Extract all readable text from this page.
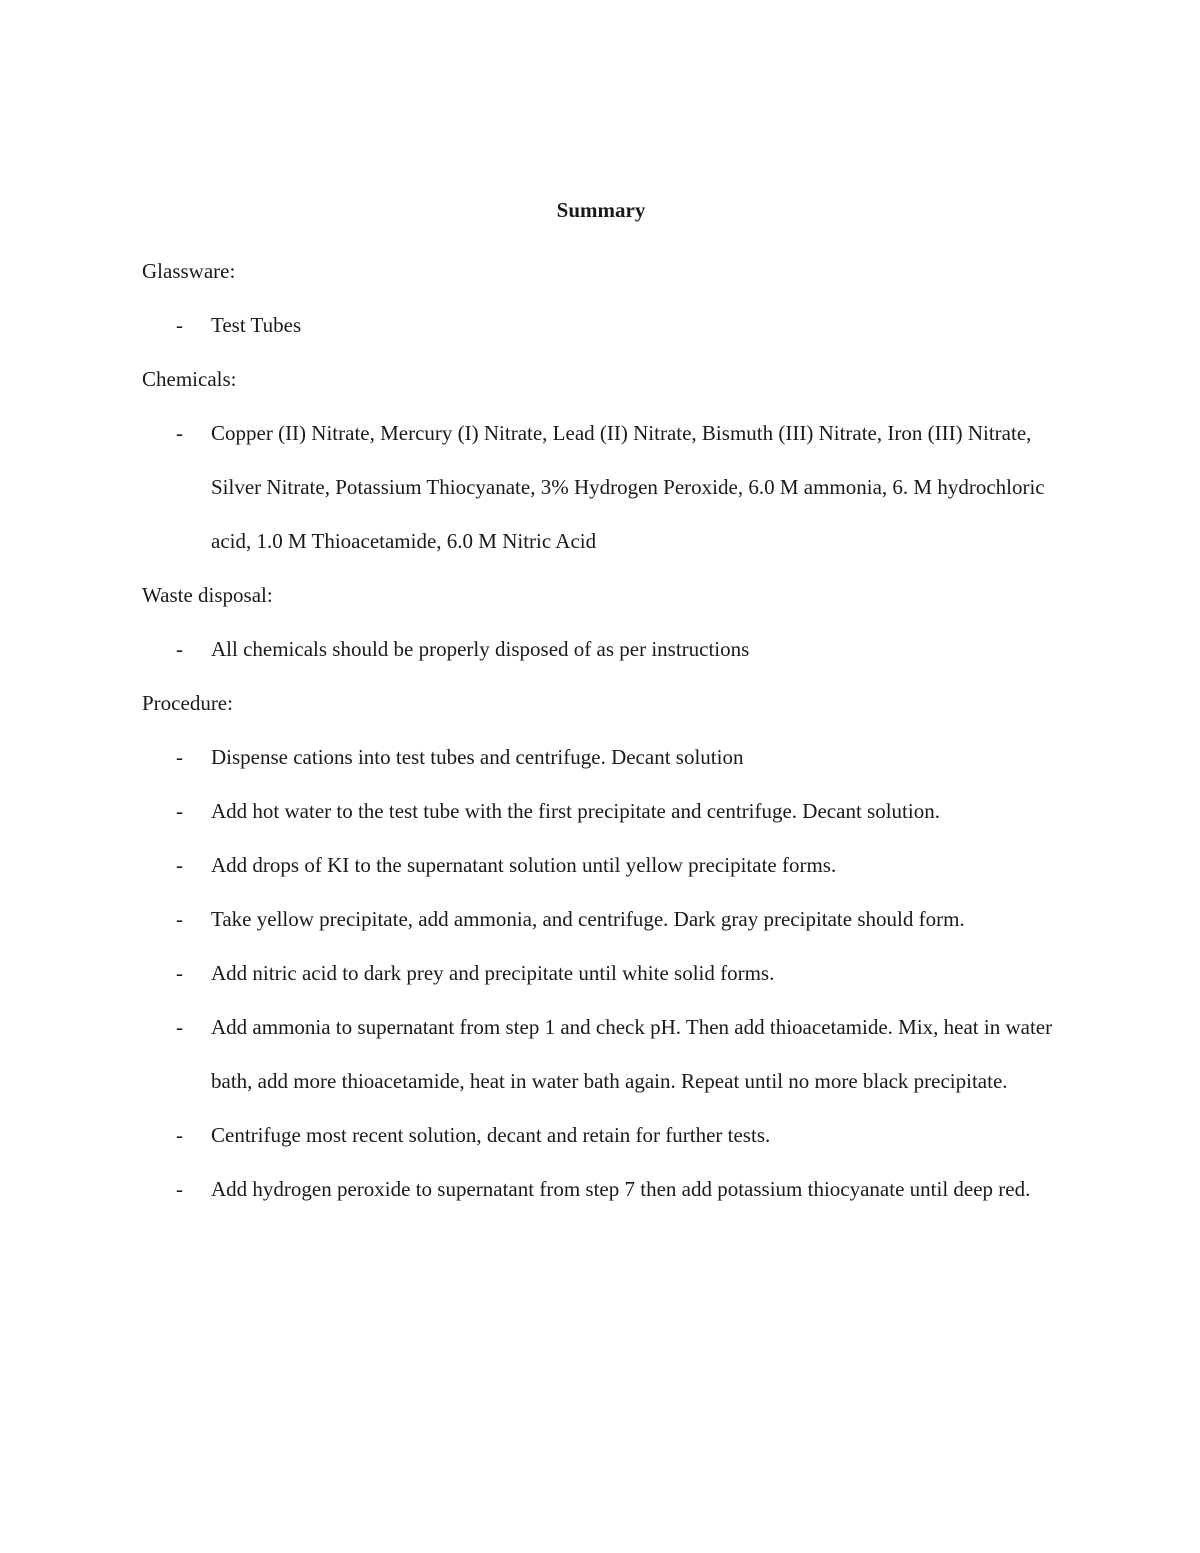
Summary

Glassware:

- Test Tubes

Chemicals:

- Copper (II) Nitrate, Mercury (I) Nitrate, Lead (II) Nitrate, Bismuth (III) Nitrate, Iron (III) Nitrate, Silver Nitrate, Potassium Thiocyanate, 3% Hydrogen Peroxide, 6.0 M ammonia, 6. M hydrochloric acid, 1.0 M Thioacetamide, 6.0 M Nitric Acid

Waste disposal:

- All chemicals should be properly disposed of as per instructions

Procedure:

- Dispense cations into test tubes and centrifuge. Decant solution
- Add hot water to the test tube with the first precipitate and centrifuge. Decant solution.
- Add drops of KI to the supernatant solution until yellow precipitate forms.
- Take yellow precipitate, add ammonia, and centrifuge. Dark gray precipitate should form.
- Add nitric acid to dark prey and precipitate until white solid forms.
- Add ammonia to supernatant from step 1 and check pH. Then add thioacetamide. Mix, heat in water bath, add more thioacetamide, heat in water bath again. Repeat until no more black precipitate.
- Centrifuge most recent solution, decant and retain for further tests.
- Add hydrogen peroxide to supernatant from step 7 then add potassium thiocyanate until deep red.
